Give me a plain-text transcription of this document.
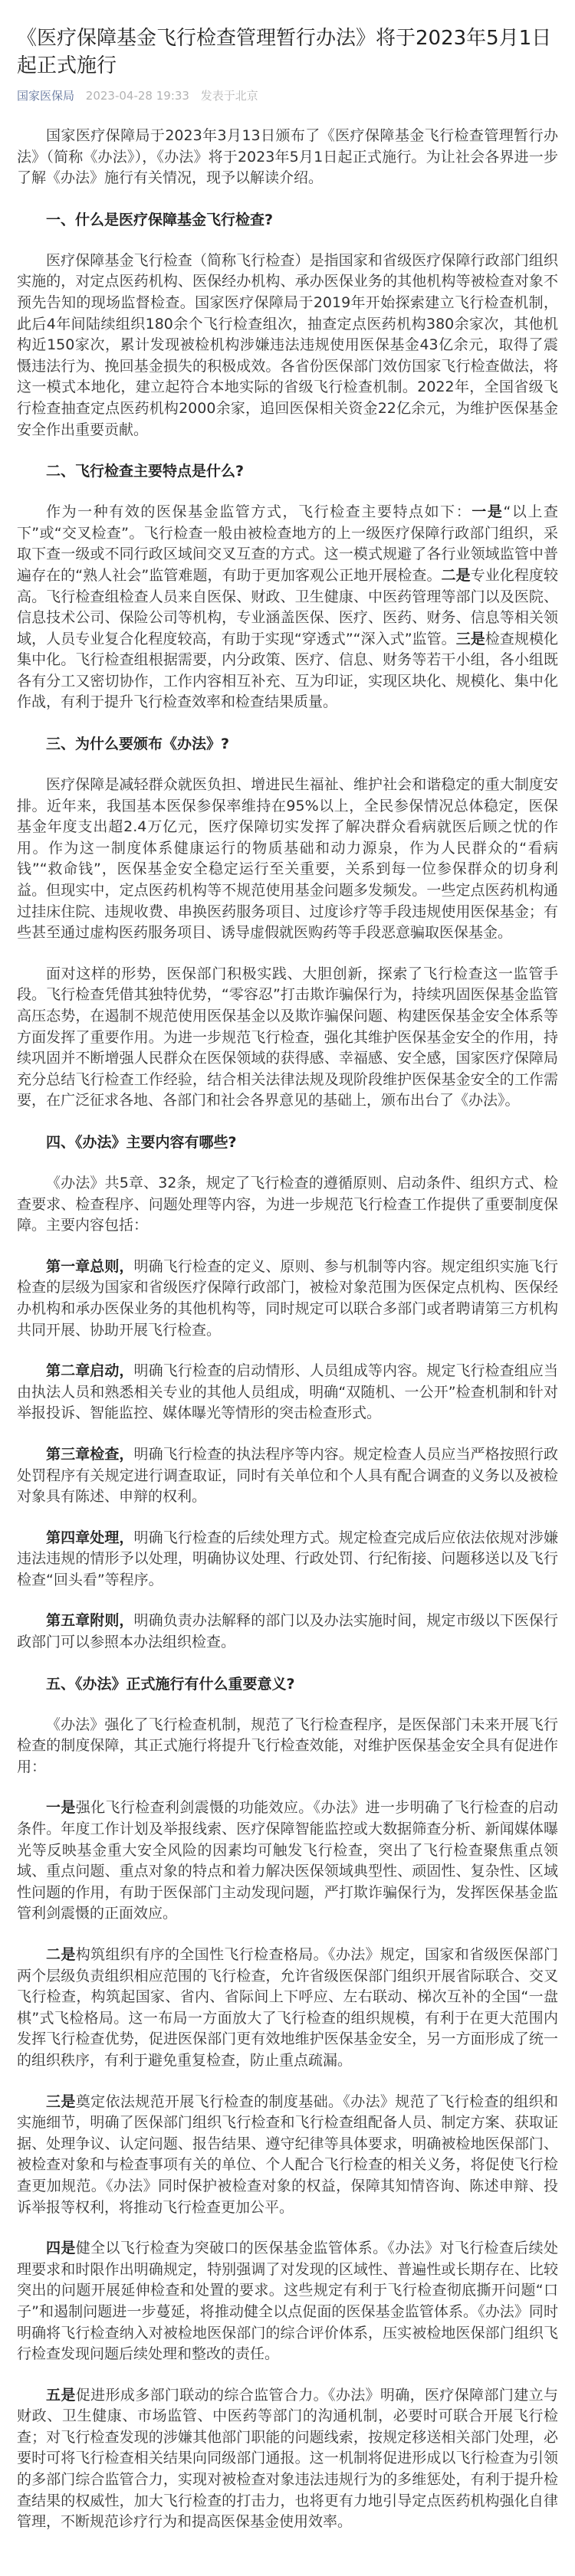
《医疗保障基金飞行检查管理暂行办法》将于2023年5月1日起正式施行
国家医保局 2023-04-28 19:33 发表于北京

国家医疗保障局于2023年3月13日颁布了《医疗保障基金飞行检查管理暂行办法》（简称《办法》），《办法》将于2023年5月1日起正式施行。为让社会各界进一步了解《办法》施行有关情况，现予以解读介绍。

一、什么是医疗保障基金飞行检查?

医疗保障基金飞行检查（简称飞行检查）是指国家和省级医疗保障行政部门组织实施的，对定点医药机构、医保经办机构、承办医保业务的其他机构等被检查对象不预先告知的现场监督检查。国家医疗保障局于2019年开始探索建立飞行检查机制，此后4年间陆续组织180余个飞行检查组次，抽查定点医药机构380余家次，其他机构近150家次，累计发现被检机构涉嫌违法违规使用医保基金43亿余元，取得了震慑违法行为、挽回基金损失的积极成效。各省份医保部门效仿国家飞行检查做法，将这一模式本地化，建立起符合本地实际的省级飞行检查机制。2022年，全国省级飞行检查抽查定点医药机构2000余家，追回医保相关资金22亿余元，为维护医保基金安全作出重要贡献。

二、飞行检查主要特点是什么?

作为一种有效的医保基金监管方式，飞行检查主要特点如下：一是“以上查下”或“交叉检查”。飞行检查一般由被检查地方的上一级医疗保障行政部门组织，采取下查一级或不同行政区域间交叉互查的方式。这一模式规避了各行业领域监管中普遍存在的“熟人社会”监管难题，有助于更加客观公正地开展检查。二是专业化程度较高。飞行检查组检查人员来自医保、财政、卫生健康、中医药管理等部门以及医院、信息技术公司、保险公司等机构，专业涵盖医保、医疗、医药、财务、信息等相关领域，人员专业复合化程度较高，有助于实现“穿透式”“深入式”监管。三是检查规模化集中化。飞行检查组根据需要，内分政策、医疗、信息、财务等若干小组，各小组既各有分工又密切协作，工作内容相互补充、互为印证，实现区块化、规模化、集中化作战，有利于提升飞行检查效率和检查结果质量。

三、为什么要颁布《办法》?

医疗保障是减轻群众就医负担、增进民生福祉、维护社会和谐稳定的重大制度安排。近年来，我国基本医保参保率维持在95%以上，全民参保情况总体稳定，医保基金年度支出超2.4万亿元，医疗保障切实发挥了解决群众看病就医后顾之忧的作用。作为这一制度体系健康运行的物质基础和动力源泉，作为人民群众的“看病钱”“救命钱”，医保基金安全稳定运行至关重要，关系到每一位参保群众的切身利益。但现实中，定点医药机构等不规范使用基金问题多发频发。一些定点医药机构通过挂床住院、违规收费、串换医药服务项目、过度诊疗等手段违规使用医保基金；有些甚至通过虚构医药服务项目、诱导虚假就医购药等手段恶意骗取医保基金。

面对这样的形势，医保部门积极实践、大胆创新，探索了飞行检查这一监管手段。飞行检查凭借其独特优势，“零容忍”打击欺诈骗保行为，持续巩固医保基金监管高压态势，在遏制不规范使用医保基金以及欺诈骗保问题、构建医保基金安全体系等方面发挥了重要作用。为进一步规范飞行检查，强化其维护医保基金安全的作用，持续巩固并不断增强人民群众在医保领域的获得感、幸福感、安全感，国家医疗保障局充分总结飞行检查工作经验，结合相关法律法规及现阶段维护医保基金安全的工作需要，在广泛征求各地、各部门和社会各界意见的基础上，颁布出台了《办法》。

四、《办法》主要内容有哪些?

《办法》共5章、32条，规定了飞行检查的遵循原则、启动条件、组织方式、检查要求、检查程序、问题处理等内容，为进一步规范飞行检查工作提供了重要制度保障。主要内容包括：

第一章总则，明确飞行检查的定义、原则、参与机制等内容。规定组织实施飞行检查的层级为国家和省级医疗保障行政部门，被检对象范围为医保定点机构、医保经办机构和承办医保业务的其他机构等，同时规定可以联合多部门或者聘请第三方机构共同开展、协助开展飞行检查。

第二章启动，明确飞行检查的启动情形、人员组成等内容。规定飞行检查组应当由执法人员和熟悉相关专业的其他人员组成，明确“双随机、一公开”检查机制和针对举报投诉、智能监控、媒体曝光等情形的突击检查形式。

第三章检查，明确飞行检查的执法程序等内容。规定检查人员应当严格按照行政处罚程序有关规定进行调查取证，同时有关单位和个人具有配合调查的义务以及被检对象具有陈述、申辩的权利。

第四章处理，明确飞行检查的后续处理方式。规定检查完成后应依法依规对涉嫌违法违规的情形予以处理，明确协议处理、行政处罚、行纪衔接、问题移送以及飞行检查“回头看”等程序。

第五章附则，明确负责办法解释的部门以及办法实施时间，规定市级以下医保行政部门可以参照本办法组织检查。

五、《办法》正式施行有什么重要意义?

《办法》强化了飞行检查机制，规范了飞行检查程序，是医保部门未来开展飞行检查的制度保障，其正式施行将提升飞行检查效能，对维护医保基金安全具有促进作用：

一是强化飞行检查利剑震慑的功能效应。《办法》进一步明确了飞行检查的启动条件。年度工作计划及举报线索、医疗保障智能监控或大数据筛查分析、新闻媒体曝光等反映基金重大安全风险的因素均可触发飞行检查，突出了飞行检查聚焦重点领域、重点问题、重点对象的特点和着力解决医保领域典型性、顽固性、复杂性、区域性问题的作用，有助于医保部门主动发现问题，严打欺诈骗保行为，发挥医保基金监管利剑震慑的正面效应。

二是构筑组织有序的全国性飞行检查格局。《办法》规定，国家和省级医保部门两个层级负责组织相应范围的飞行检查，允许省级医保部门组织开展省际联合、交叉飞行检查，构筑起国家、省内、省际间上下呼应、左右联动、梯次互补的全国“一盘棋”式飞检格局。这一布局一方面放大了飞行检查的组织规模，有利于在更大范围内发挥飞行检查优势，促进医保部门更有效地维护医保基金安全，另一方面形成了统一的组织秩序，有利于避免重复检查，防止重点疏漏。

三是奠定依法规范开展飞行检查的制度基础。《办法》规范了飞行检查的组织和实施细节，明确了医保部门组织飞行检查和飞行检查组配备人员、制定方案、获取证据、处理争议、认定问题、报告结果、遵守纪律等具体要求，明确被检地医保部门、被检查对象和与检查事项有关的单位、个人配合飞行检查的相关义务，将促使飞行检查更加规范。《办法》同时保护被检查对象的权益，保障其知情咨询、陈述申辩、投诉举报等权利，将推动飞行检查更加公平。

四是健全以飞行检查为突破口的医保基金监管体系。《办法》对飞行检查后续处理要求和时限作出明确规定，特别强调了对发现的区域性、普遍性或长期存在、比较突出的问题开展延伸检查和处置的要求。这些规定有利于飞行检查彻底撕开问题“口子”和遏制问题进一步蔓延，将推动健全以点促面的医保基金监管体系。《办法》同时明确将飞行检查纳入对被检地医保部门的综合评价体系，压实被检地医保部门组织飞行检查发现问题后续处理和整改的责任。

五是促进形成多部门联动的综合监管合力。《办法》明确，医疗保障部门建立与财政、卫生健康、市场监管、中医药等部门的沟通机制，必要时可联合开展飞行检查；对飞行检查发现的涉嫌其他部门职能的问题线索，按规定移送相关部门处理，必要时可将飞行检查相关结果向同级部门通报。这一机制将促进形成以飞行检查为引领的多部门综合监管合力，实现对被检查对象违法违规行为的多维惩处，有利于提升检查结果的权威性，加大飞行检查的打击力，也将更有力地引导定点医药机构强化自律管理，不断规范诊疗行为和提高医保基金使用效率。
